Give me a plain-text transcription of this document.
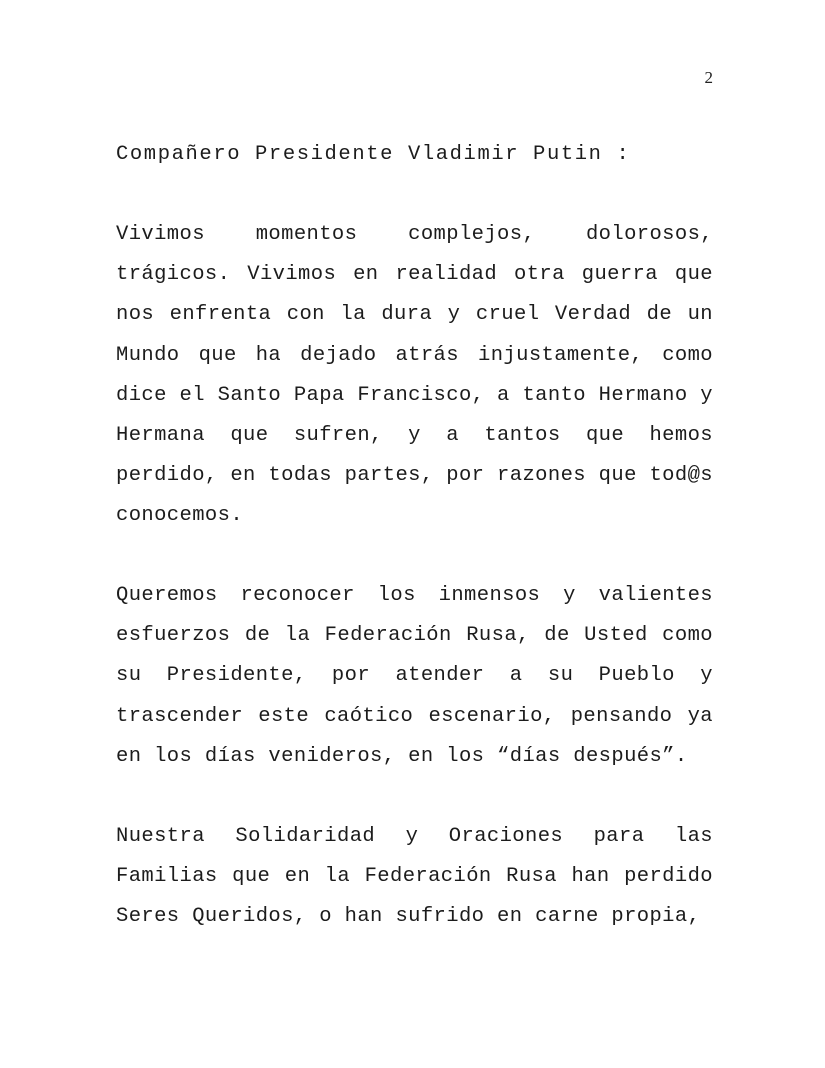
2

Compañero Presidente Vladimir Putin :

Vivimos momentos complejos, dolorosos, trágicos. Vivimos en realidad otra guerra que nos enfrenta con la dura y cruel Verdad de un Mundo que ha dejado atrás injustamente, como dice el Santo Papa Francisco, a tanto Hermano y Hermana que sufren, y a tantos que hemos perdido, en todas partes, por razones que tod@s conocemos.

Queremos reconocer los inmensos y valientes esfuerzos de la Federación Rusa, de Usted como su Presidente, por atender a su Pueblo y trascender este caótico escenario, pensando ya en los días venideros, en los “días después”.

Nuestra Solidaridad y Oraciones para las Familias que en la Federación Rusa han perdido Seres Queridos, o han sufrido en carne propia,
